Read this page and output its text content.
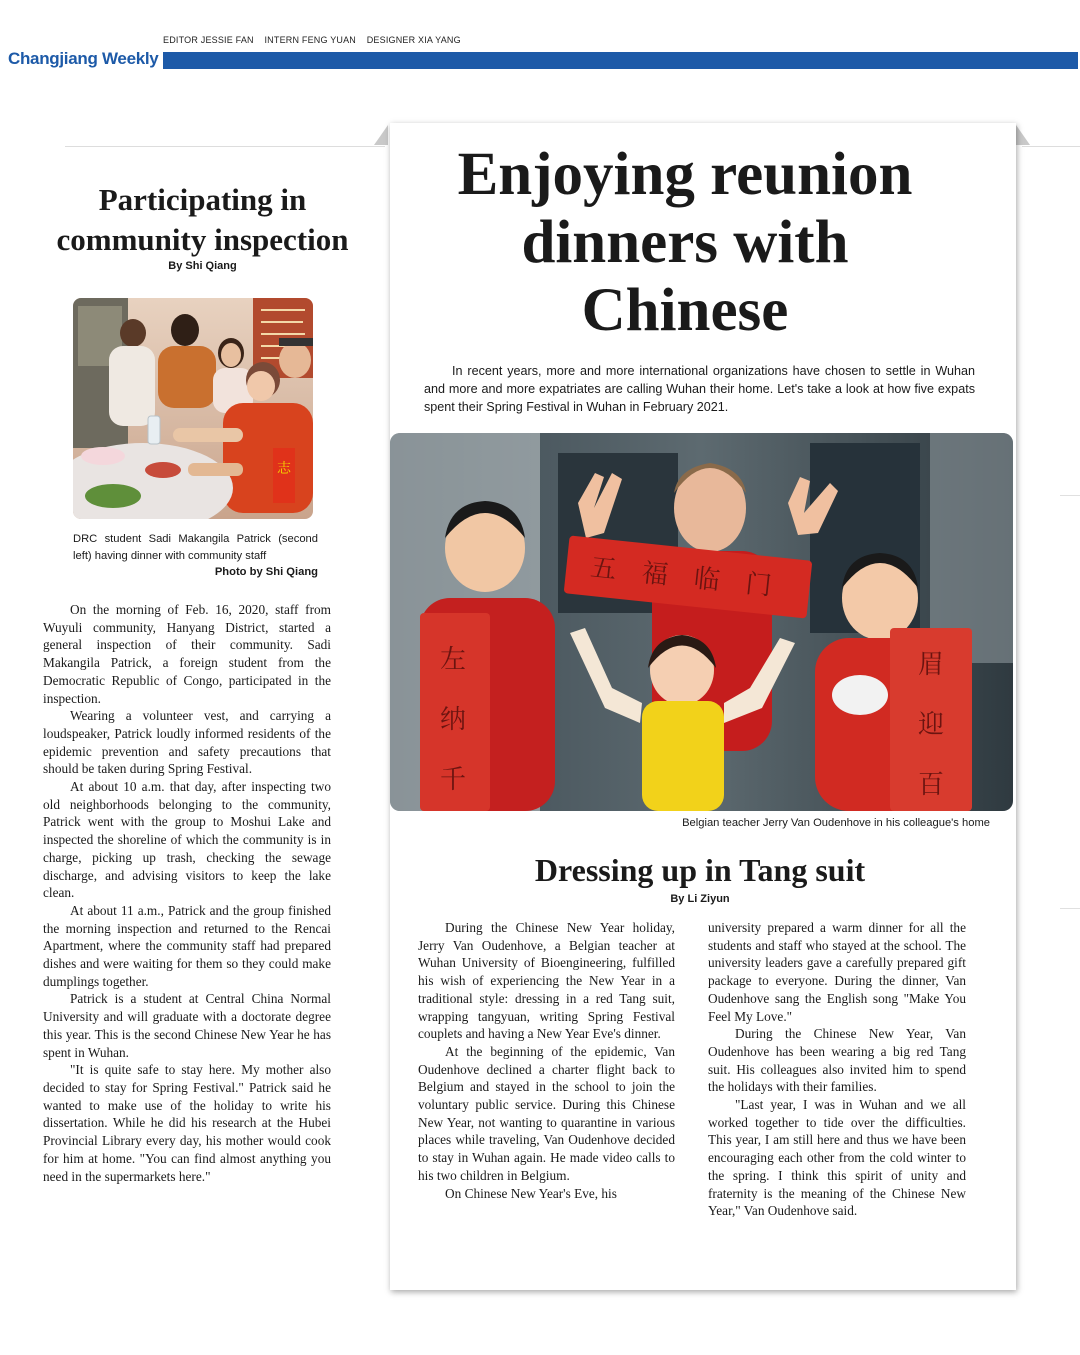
EDITOR JESSIE FAN INTERN FENG YUAN DESIGNER XIA YANG
Changjiang Weekly
Participating in
community inspection
By Shi Qiang
志
DRC student Sadi Makangila Patrick (second left) having dinner with community staff
Photo by Shi Qiang

On the morning of Feb. 16, 2020, staff from Wuyuli community, Hanyang District, started a general inspection of their community. Sadi Makangila Patrick, a foreign student from the Democratic Republic of Congo, participated in the inspection.

Wearing a volunteer vest, and carrying a loudspeaker, Patrick loudly informed residents of the epidemic prevention and safety precautions that should be taken during Spring Festival.

At about 10 a.m. that day, after inspecting two old neighborhoods belonging to the community, Patrick went with the group to Moshui Lake and inspected the shoreline of which the community is in charge, picking up trash, checking the sewage discharge, and advising visitors to keep the lake clean.

At about 11 a.m., Patrick and the group finished the morning inspection and returned to the Rencai Apartment, where the community staff had prepared dishes and were waiting for them so they could make dumplings together.

Patrick is a student at Central China Normal University and will graduate with a doctorate degree this year. This is the second Chinese New Year he has spent in Wuhan.

"It is quite safe to stay here. My mother also decided to stay for Spring Festival." Patrick said he wanted to make use of the holiday to write his dissertation. While he did his research at the Hubei Provincial Library every day, his mother would cook for him at home. "You can find almost anything you need in the supermarkets here."

Enjoying reunion
dinners with
Chinese

In recent years, more and more international organizations have chosen to settle in Wuhan and more and more expatriates are calling Wuhan their home. Let's take a look at how five expats spent their Spring Festival in Wuhan in February 2021.

五 福 临 门
左
纳
千
眉
迎
百
Belgian teacher Jerry Van Oudenhove in his colleague's home
Dressing up in Tang suit
By Li Ziyun

During the Chinese New Year holiday, Jerry Van Oudenhove, a Belgian teacher at Wuhan University of Bioengineering, fulfilled his wish of experiencing the New Year in a traditional style: dressing in a red Tang suit, wrapping tangyuan, writing Spring Festival couplets and having a New Year Eve's dinner.

At the beginning of the epidemic, Van Oudenhove declined a charter flight back to Belgium and stayed in the school to join the voluntary public service. During this Chinese New Year, not wanting to quarantine in various places while traveling, Van Oudenhove decided to stay in Wuhan again. He made video calls to his two children in Belgium.

On Chinese New Year's Eve, his

university prepared a warm dinner for all the students and staff who stayed at the school. The university leaders gave a carefully prepared gift package to everyone. During the dinner, Van Oudenhove sang the English song "Make You Feel My Love."

During the Chinese New Year, Van Oudenhove has been wearing a big red Tang suit. His colleagues also invited him to spend the holidays with their families.

"Last year, I was in Wuhan and we all worked together to tide over the difficulties. This year, I am still here and thus we have been encouraging each other from the cold winter to the spring. I think this spirit of unity and fraternity is the meaning of the Chinese New Year," Van Oudenhove said.
